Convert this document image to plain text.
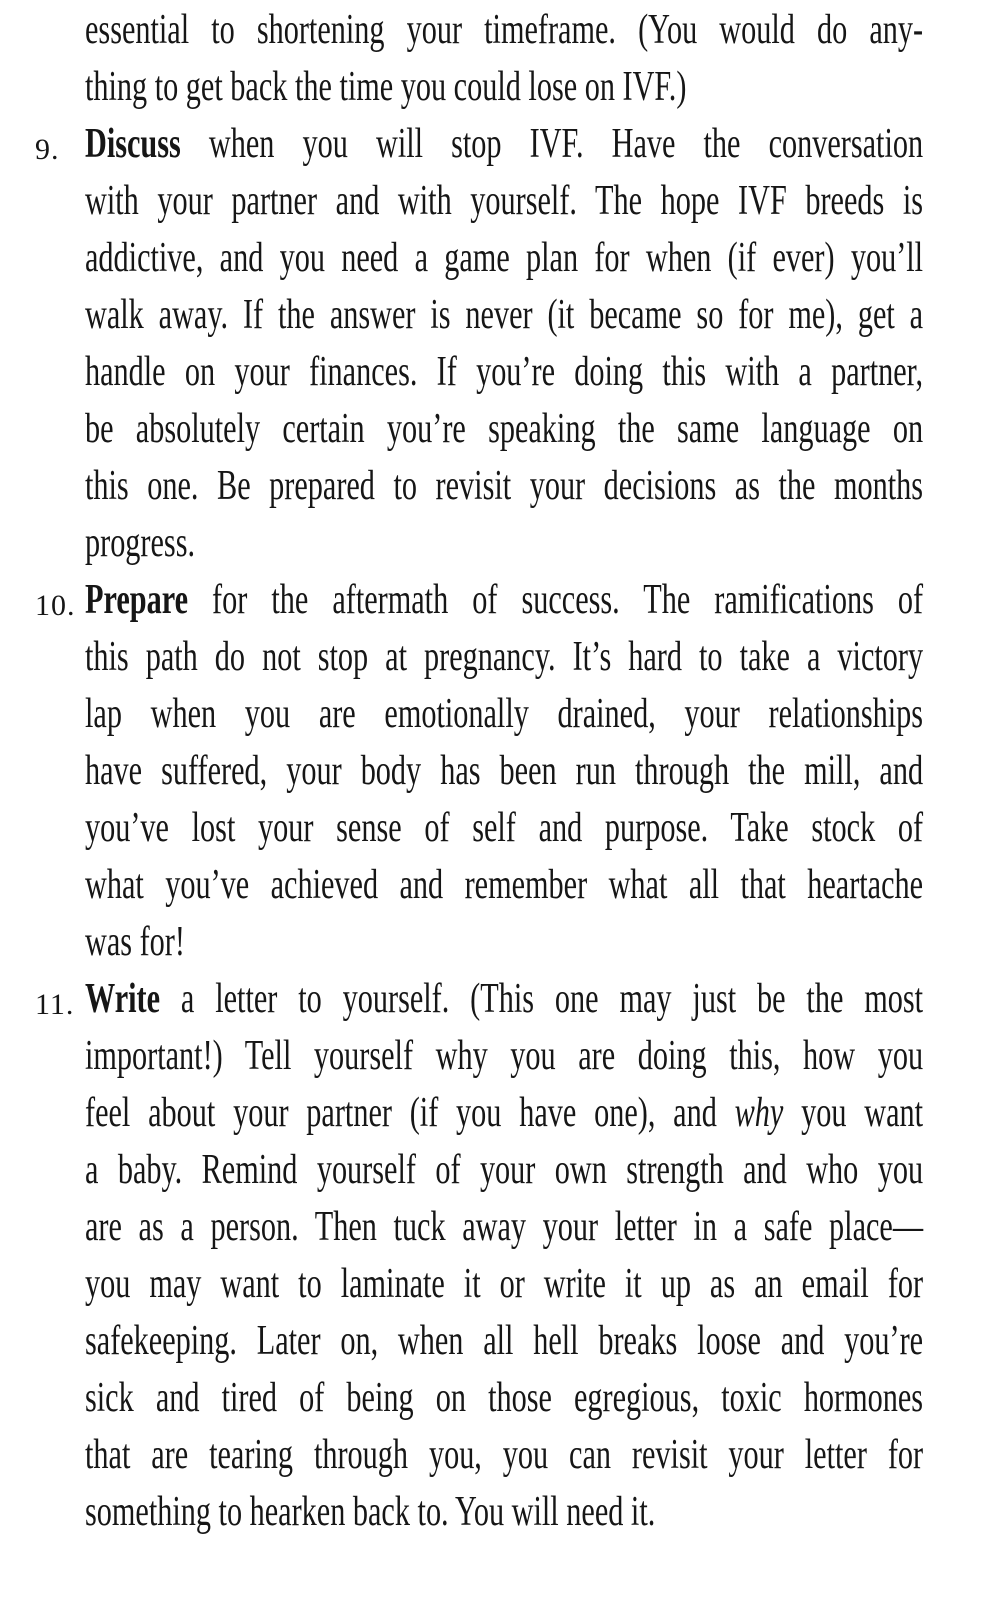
essential to shortening your timeframe. (You would do any-
thing to get back the time you could lose on IVF.)
9. Discuss when you will stop IVF. Have the conversation
with your partner and with yourself. The hope IVF breeds is
addictive, and you need a game plan for when (if ever) you’ll
walk away. If the answer is never (it became so for me), get a
handle on your finances. If you’re doing this with a partner,
be absolutely certain you’re speaking the same language on
this one. Be prepared to revisit your decisions as the months
progress.
10. Prepare for the aftermath of success. The ramifications of
this path do not stop at pregnancy. It’s hard to take a victory
lap when you are emotionally drained, your relationships
have suffered, your body has been run through the mill, and
you’ve lost your sense of self and purpose. Take stock of
what you’ve achieved and remember what all that heartache
was for!
11. Write a letter to yourself. (This one may just be the most
important!) Tell yourself why you are doing this, how you
feel about your partner (if you have one), and why you want
a baby. Remind yourself of your own strength and who you
are as a person. Then tuck away your letter in a safe place—
you may want to laminate it or write it up as an email for
safekeeping. Later on, when all hell breaks loose and you’re
sick and tired of being on those egregious, toxic hormones
that are tearing through you, you can revisit your letter for
something to hearken back to. You will need it.
